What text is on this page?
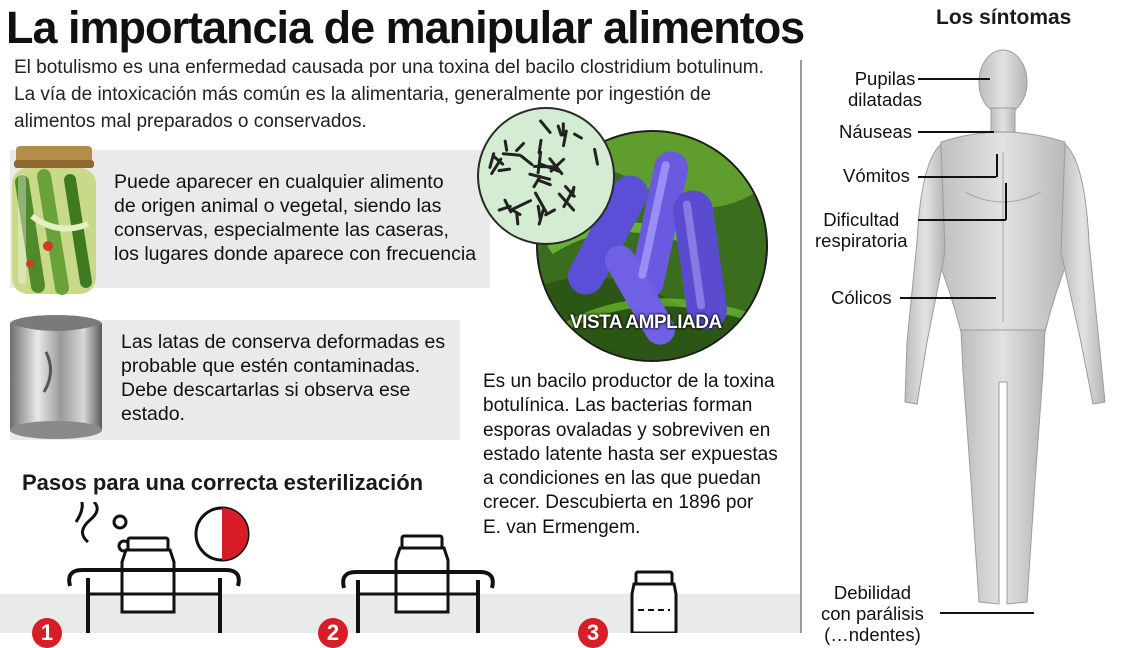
La importancia de manipular alimentos
El botulismo es una enfermedad causada por una toxina del bacilo clostridium botulinum.
La vía de intoxicación más común es la alimentaria, generalmente por ingestión de
alimentos mal preparados o conservados.
Puede aparecer en cualquier alimento
de origen animal o vegetal, siendo las
conservas, especialmente las caseras,
los lugares donde aparece con frecuencia
Las latas de conserva deformadas es
probable que estén contaminadas.
Debe descartarlas si observa ese
estado.
VISTA AMPLIADA
Es un bacilo productor de la toxina
botulínica. Las bacterias forman
esporas ovaladas y sobreviven en
estado latente hasta ser expuestas
a condiciones en las que puedan
crecer. Descubierta en 1896 por
E. van Ermengem.
Pasos para una correcta esterilización
1	2	3
Los síntomas
Pupilas
dilatadas
Náuseas
Vómitos
Dificultad
respiratoria
Cólicos
Debilidad
con parálisis
(…ndentes)
